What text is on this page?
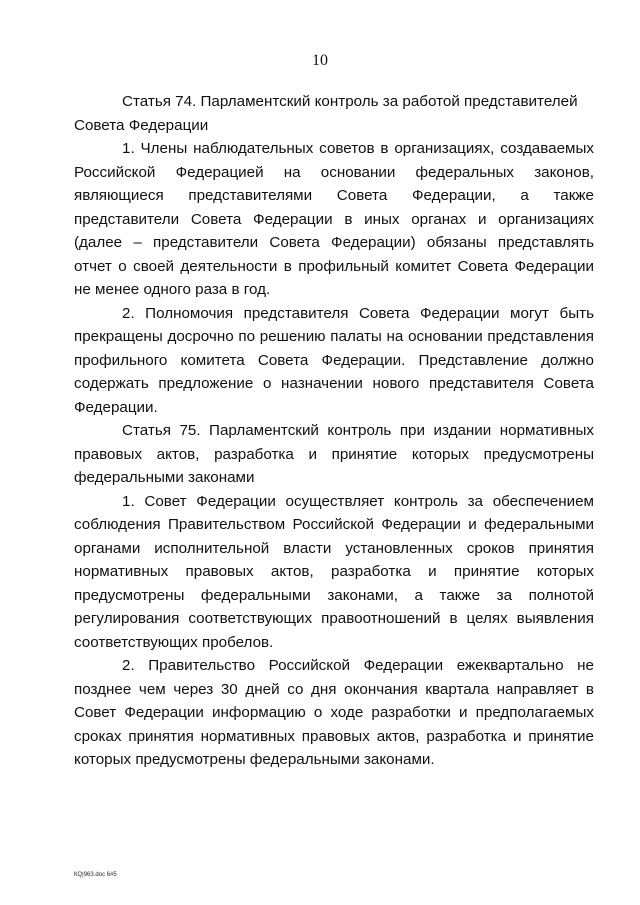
10
Статья 74. Парламентский контроль за работой представителей
Совета Федерации
1. Члены наблюдательных советов в организациях, создаваемых
Российской Федерацией на основании федеральных законов,
являющиеся представителями Совета Федерации, а также
представители Совета Федерации в иных органах и организациях
(далее – представители Совета Федерации) обязаны представлять
отчет о своей деятельности в профильный комитет Совета Федерации
не менее одного раза в год.
2. Полномочия представителя Совета Федерации могут быть
прекращены досрочно по решению палаты на основании представления
профильного комитета Совета Федерации. Представление должно
содержать предложение о назначении нового представителя Совета
Федерации.
Статья 75. Парламентский контроль при издании нормативных
правовых актов, разработка и принятие которых предусмотрены
федеральными законами
1. Совет Федерации осуществляет контроль за обеспечением
соблюдения Правительством Российской Федерации и федеральными
органами исполнительной власти установленных сроков принятия
нормативных правовых актов, разработка и принятие которых
предусмотрены федеральными законами, а также за полнотой
регулирования соответствующих правоотношений в целях выявления
соответствующих пробелов.
2. Правительство Российской Федерации ежеквартально не
позднее чем через 30 дней со дня окончания квартала направляет в
Совет Федерации информацию о ходе разработки и предполагаемых
сроках принятия нормативных правовых актов, разработка и принятие
которых предусмотрены федеральными законами.
КQ|963.doc 6#5
